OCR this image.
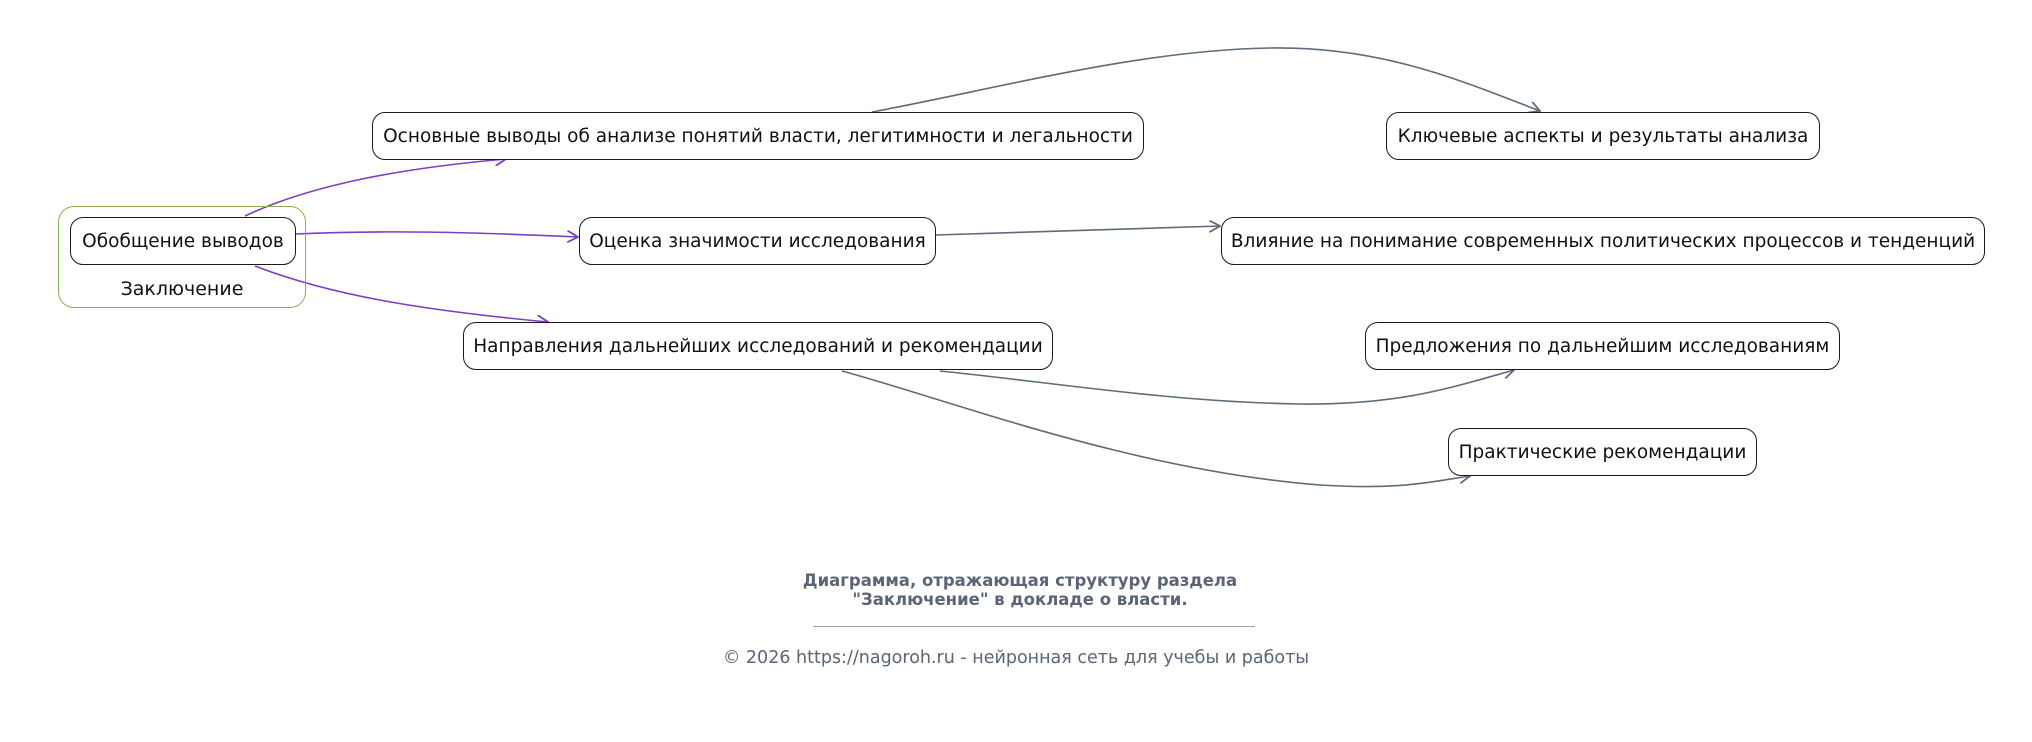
Заключение
Обобщение выводов
Основные выводы об анализе понятий власти, легитимности и легальности
Оценка значимости исследования
Направления дальнейших исследований и рекомендации
Ключевые аспекты и результаты анализа
Влияние на понимание современных политических процессов и тенденций
Предложения по дальнейшим исследованиям
Практические рекомендации
Диаграмма, отражающая структуру раздела
"Заключение" в докладе о власти.
© 2026 https://nagoroh.ru - нейронная сеть для учебы и работы
